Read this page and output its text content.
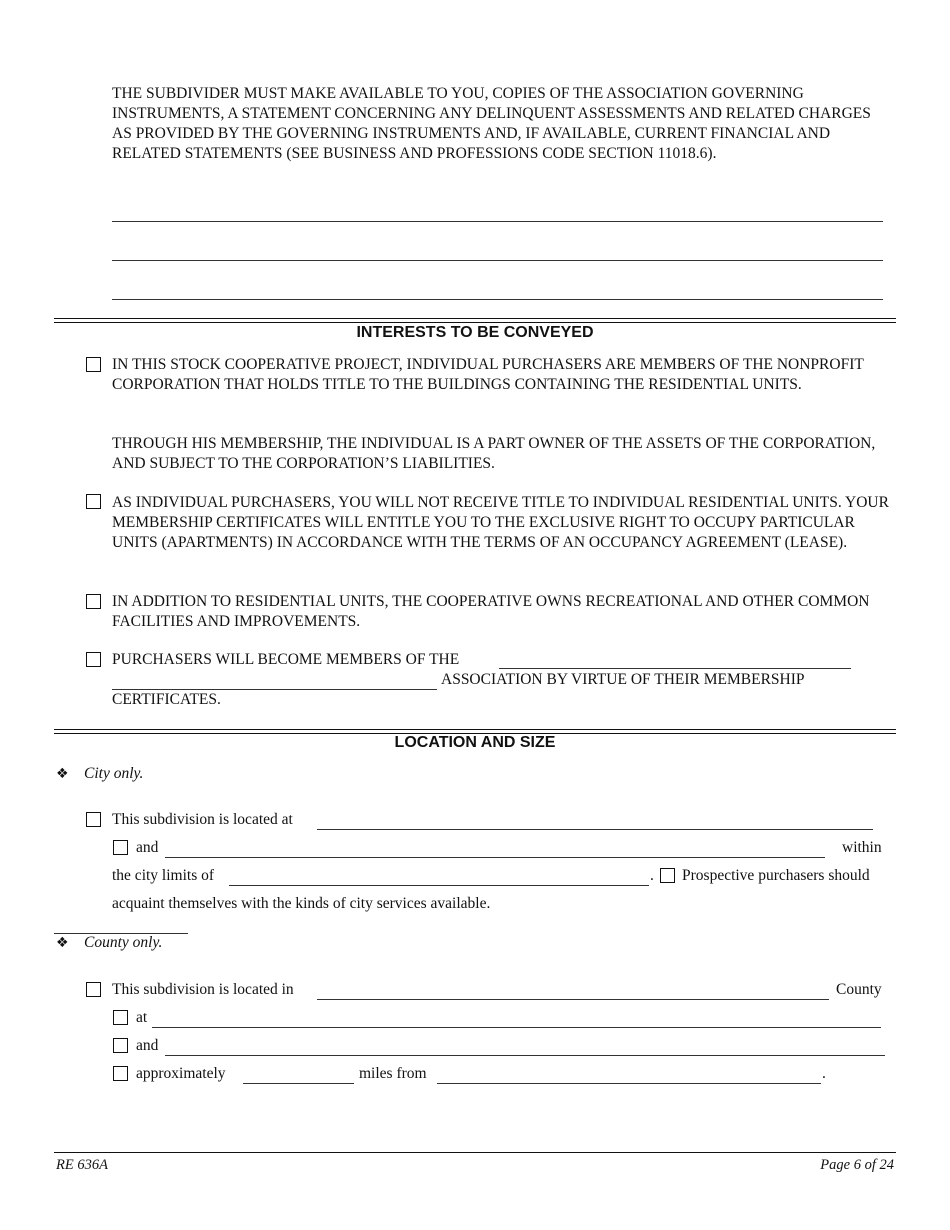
THE SUBDIVIDER MUST MAKE AVAILABLE TO YOU, COPIES OF THE ASSOCIATION GOVERNING INSTRUMENTS, A STATEMENT CONCERNING ANY DELINQUENT ASSESSMENTS AND RELATED CHARGES AS PROVIDED BY THE GOVERNING INSTRUMENTS AND, IF AVAILABLE, CURRENT FINANCIAL AND RELATED STATEMENTS (SEE BUSINESS AND PROFESSIONS CODE SECTION 11018.6).
INTERESTS TO BE CONVEYED
IN THIS STOCK COOPERATIVE PROJECT, INDIVIDUAL PURCHASERS ARE MEMBERS OF THE NONPROFIT CORPORATION THAT HOLDS TITLE TO THE BUILDINGS CONTAINING THE RESIDENTIAL UNITS.
THROUGH HIS MEMBERSHIP, THE INDIVIDUAL IS A PART OWNER OF THE ASSETS OF THE CORPORATION, AND SUBJECT TO THE CORPORATION’S LIABILITIES.
AS INDIVIDUAL PURCHASERS, YOU WILL NOT RECEIVE TITLE TO INDIVIDUAL RESIDENTIAL UNITS. YOUR MEMBERSHIP CERTIFICATES WILL ENTITLE YOU TO THE EXCLUSIVE RIGHT TO OCCUPY PARTICULAR UNITS (APARTMENTS) IN ACCORDANCE WITH THE TERMS OF AN OCCUPANCY AGREEMENT (LEASE).
IN ADDITION TO RESIDENTIAL UNITS, THE COOPERATIVE OWNS RECREATIONAL AND OTHER COMMON FACILITIES AND IMPROVEMENTS.
PURCHASERS WILL BECOME MEMBERS OF THE
ASSOCIATION BY VIRTUE OF THEIR MEMBERSHIP
CERTIFICATES.
LOCATION AND SIZE
❖ City only.
This subdivision is located at
and	within
the city limits of	. Prospective purchasers should
acquaint themselves with the kinds of city services available.
❖ County only.
This subdivision is located in	County
at
and
approximately	miles from	.
RE 636A	Page 6 of 24
